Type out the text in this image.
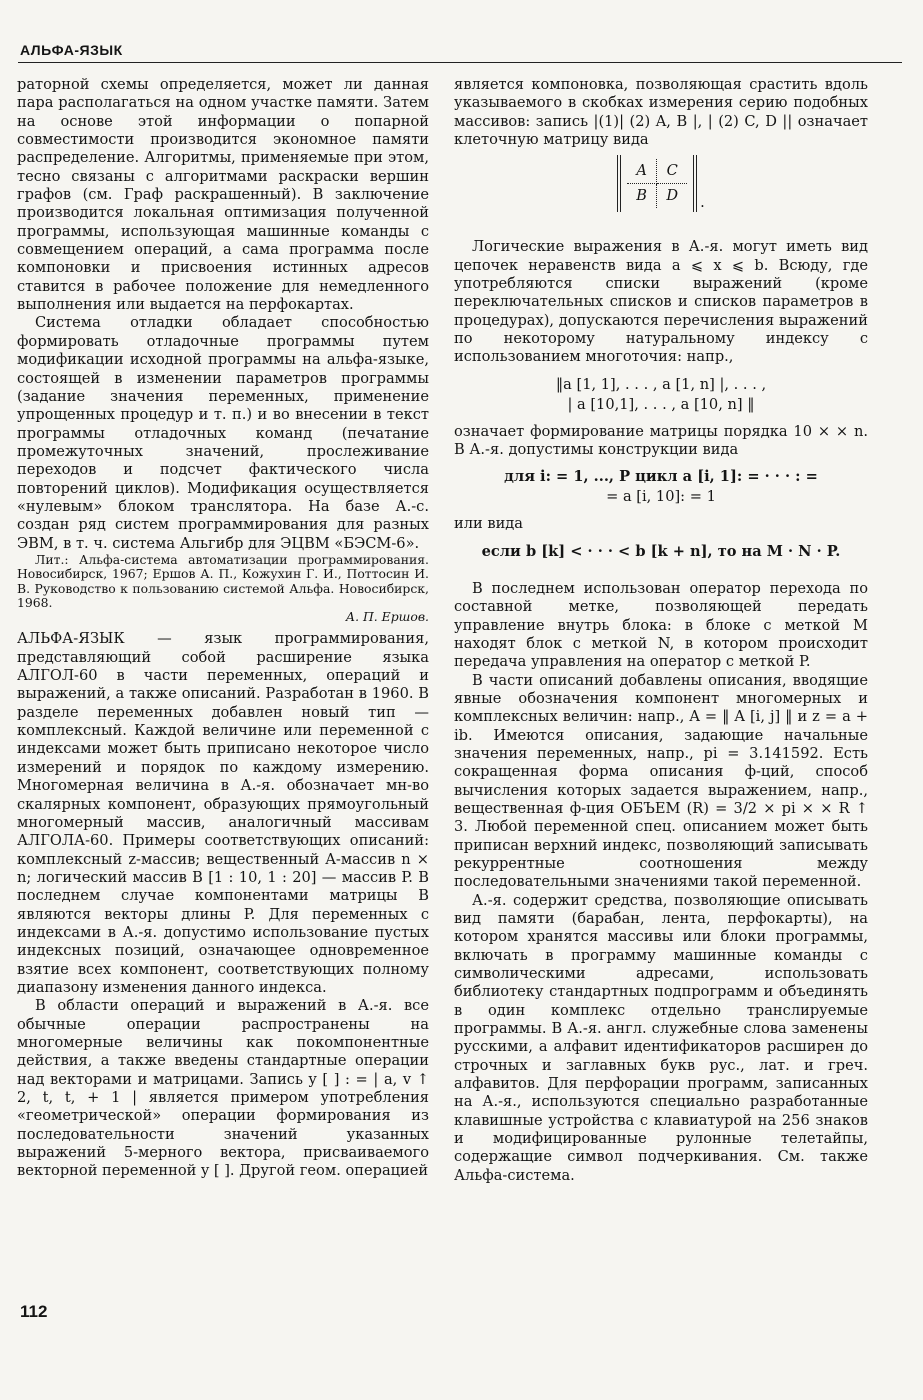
АЛЬФА-ЯЗЫК

раторной схемы определяется, может ли данная пара располагаться на одном участке памяти. Затем на основе этой информации о попарной совместимости производится экономное памяти распределение. Алгоритмы, применяемые при этом, тесно связаны с алгоритмами раскраски вершин графов (см. Граф раскрашенный). В заключение производится локальная оптимизация полученной программы, использующая машинные команды с совмещением операций, а сама программа после компоновки и присвоения истинных адресов ставится в рабочее положение для немедленного выполнения или выдается на перфокартах.

Система отладки обладает способностью формировать отладочные программы путем модификации исходной программы на альфа-языке, состоящей в изменении параметров программы (задание значения переменных, применение упрощенных процедур и т. п.) и во внесении в текст программы отладочных команд (печатание промежуточных значений, прослеживание переходов и подсчет фактического числа повторений циклов). Модификация осуществляется «нулевым» блоком транслятора. На базе А.-с. создан ряд систем программирования для разных ЭВМ, в т. ч. система Альгибр для ЭЦВМ «БЭСМ-6».

Лит.: Альфа-система автоматизации программирования. Новосибирск, 1967; Ершов А. П., Кожухин Г. И., Поттосин И. В. Руководство к пользованию системой Альфа. Новосибирск, 1968.

А. П. Ершов.

АЛЬФА-ЯЗЫК — язык программирования, представляющий собой расширение языка АЛГОЛ-60 в части переменных, операций и выражений, а также описаний. Разработан в 1960. В разделе переменных добавлен новый тип — комплексный. Каждой величине или переменной с индексами может быть приписано некоторое число измерений и порядок по каждому измерению. Многомерная величина в А.-я. обозначает мн-во скалярных компонент, образующих прямоугольный многомерный массив, аналогичный массивам АЛГОЛА-60. Примеры соответствующих описаний: комплексный z-массив; вещественный A-массив n × n; логический массив B [1 : 10, 1 : 20] — массив P. В последнем случае компонентами матрицы B являются векторы длины P. Для переменных с индексами в А.-я. допустимо использование пустых индексных позиций, означающее одновременное взятие всех компонент, соответствующих полному диапазону изменения данного индекса.

В области операций и выражений в А.-я. все обычные операции распространены на многомерные величины как покомпонентные действия, а также введены стандартные операции над векторами и матрицами. Запись y [ ] : = | a, v ↑ 2, t, t, + 1 | является примером употребления «геометрической» операции формирования из последовательности значений указанных выражений 5-мерного вектора, присваиваемого векторной переменной y [ ]. Другой геом. операцией

является компоновка, позволяющая срастить вдоль указываемого в скобках измерения серию подобных массивов: запись |(1)| (2) A, B |, | (2) C, D || означает клеточную матрицу вида

A	C
B	D	.

Логические выражения в А.-я. могут иметь вид цепочек неравенств вида a ⩽ x ⩽ b. Всюду, где употребляются списки выражений (кроме переключательных списков и списков параметров в процедурах), допускаются перечисления выражений по некоторому натуральному индексу с использованием многоточия: напр.,

‖a [1, 1], . . . , a [1, n] |, . . . ,
| a [10,1], . . . , a [10, n] ‖

означает формирование матрицы порядка 10 × × n. В А.-я. допустимы конструкции вида

для i: = 1, ..., P цикл a [i, 1]: = · · · : =
= a [i, 10]: = 1

или вида

если b [k] < · · · < b [k + n], то на M · N · P.

В последнем использован оператор перехода по составной метке, позволяющей передать управление внутрь блока: в блоке с меткой M находят блок с меткой N, в котором происходит передача управления на оператор с меткой P.

В части описаний добавлены описания, вводящие явные обозначения компонент многомерных и комплексных величин: напр., A = ‖ A [i, j] ‖ и z = a + ib. Имеются описания, задающие начальные значения переменных, напр., pi = 3.141592. Есть сокращенная форма описания ф-ций, способ вычисления которых задается выражением, напр., вещественная ф-ция ОБЪЕМ (R) = 3/2 × pi × × R ↑ 3. Любой переменной спец. описанием может быть приписан верхний индекс, позволяющий записывать рекуррентные соотношения между последовательными значениями такой переменной.

А.-я. содержит средства, позволяющие описывать вид памяти (барабан, лента, перфокарты), на котором хранятся массивы или блоки программы, включать в программу машинные команды с символическими адресами, использовать библиотеку стандартных подпрограмм и объединять в один комплекс отдельно транслируемые программы. В А.-я. англ. служебные слова заменены русскими, а алфавит идентификаторов расширен до строчных и заглавных букв рус., лат. и греч. алфавитов. Для перфорации программ, записанных на А.-я., используются специально разработанные клавишные устройства с клавиатурой на 256 знаков и модифицированные рулонные телетайпы, содержащие символ подчеркивания. См. также Альфа-система.

112
